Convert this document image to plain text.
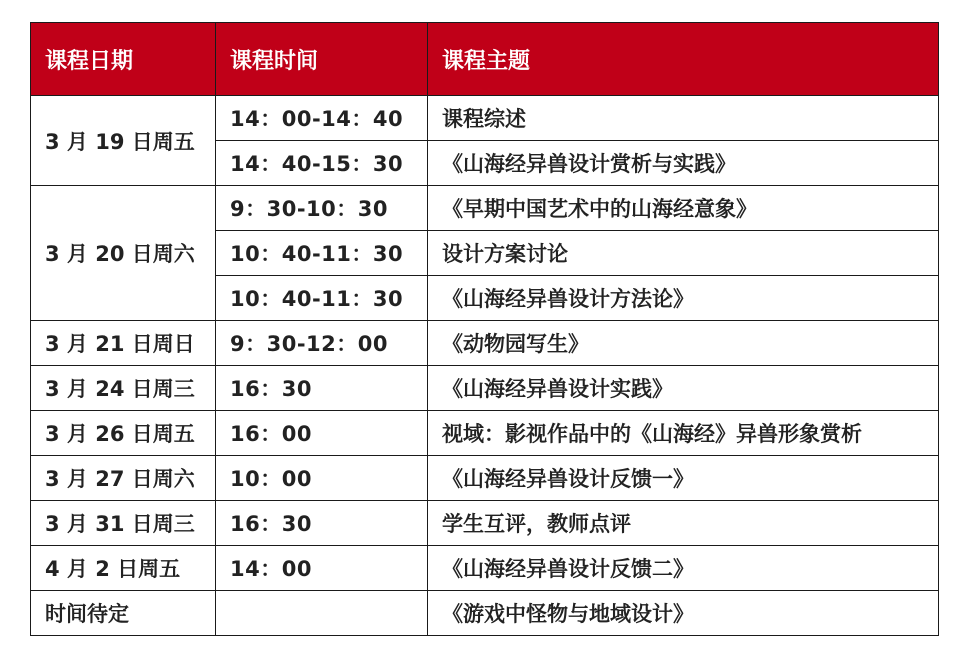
课程日期	课程时间	课程主题
3 月 19 日周五	14：00-14：40	课程综述
	14：40-15：30	《山海经异兽设计赏析与实践》
3 月 20 日周六	9：30-10：30	《早期中国艺术中的山海经意象》
	10：40-11：30	设计方案讨论
	10：40-11：30	《山海经异兽设计方法论》
3 月 21 日周日	9：30-12：00	《动物园写生》
3 月 24 日周三	16：30	《山海经异兽设计实践》
3 月 26 日周五	16：00	视域：影视作品中的《山海经》异兽形象赏析
3 月 27 日周六	10：00	《山海经异兽设计反馈一》
3 月 31 日周三	16：30	学生互评，教师点评
4 月 2 日周五	14：00	《山海经异兽设计反馈二》
时间待定		《游戏中怪物与地域设计》
